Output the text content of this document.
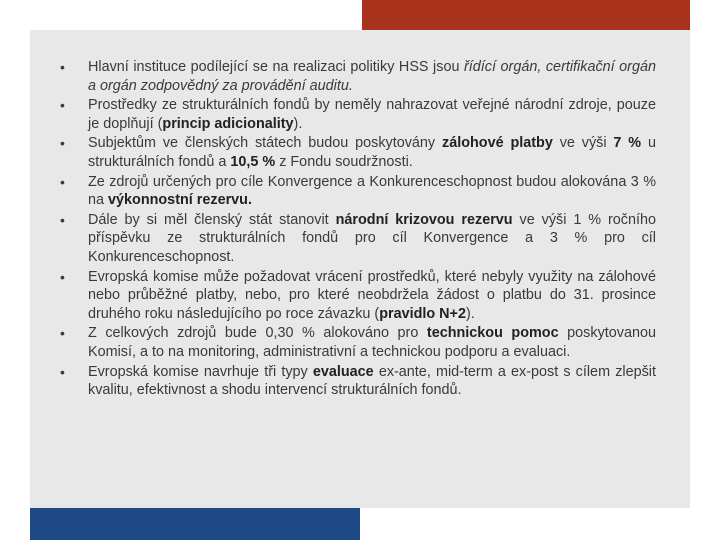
• Hlavní instituce podílející se na realizaci politiky HSS jsou řídící orgán, certifikační orgán a orgán zodpovědný za provádění auditu.
• Prostředky ze strukturálních fondů by neměly nahrazovat veřejné národní zdroje, pouze je doplňují (princip adicionality).
• Subjektům ve členských státech budou poskytovány zálohové platby ve výši 7 % u strukturálních fondů a 10,5 % z Fondu soudržnosti.
• Ze zdrojů určených pro cíle Konvergence a Konkurenceschopnost budou alokována 3 % na výkonnostní rezervu.
• Dále by si měl členský stát stanovit národní krizovou rezervu ve výši 1 % ročního příspěvku ze strukturálních fondů pro cíl Konvergence a 3 % pro cíl Konkurenceschopnost.
• Evropská komise může požadovat vrácení prostředků, které nebyly využity na zálohové nebo průběžné platby, nebo, pro které neobdržela žádost o platbu do 31. prosince druhého roku následujícího po roce závazku (pravidlo N+2).
• Z celkových zdrojů bude 0,30 % alokováno pro technickou pomoc poskytovanou Komisí, a to na monitoring, administrativní a technickou podporu a evaluaci.
• Evropská komise navrhuje tři typy evaluace ex-ante, mid-term a ex-post s cílem zlepšit kvalitu, efektivnost a shodu intervencí strukturálních fondů.
